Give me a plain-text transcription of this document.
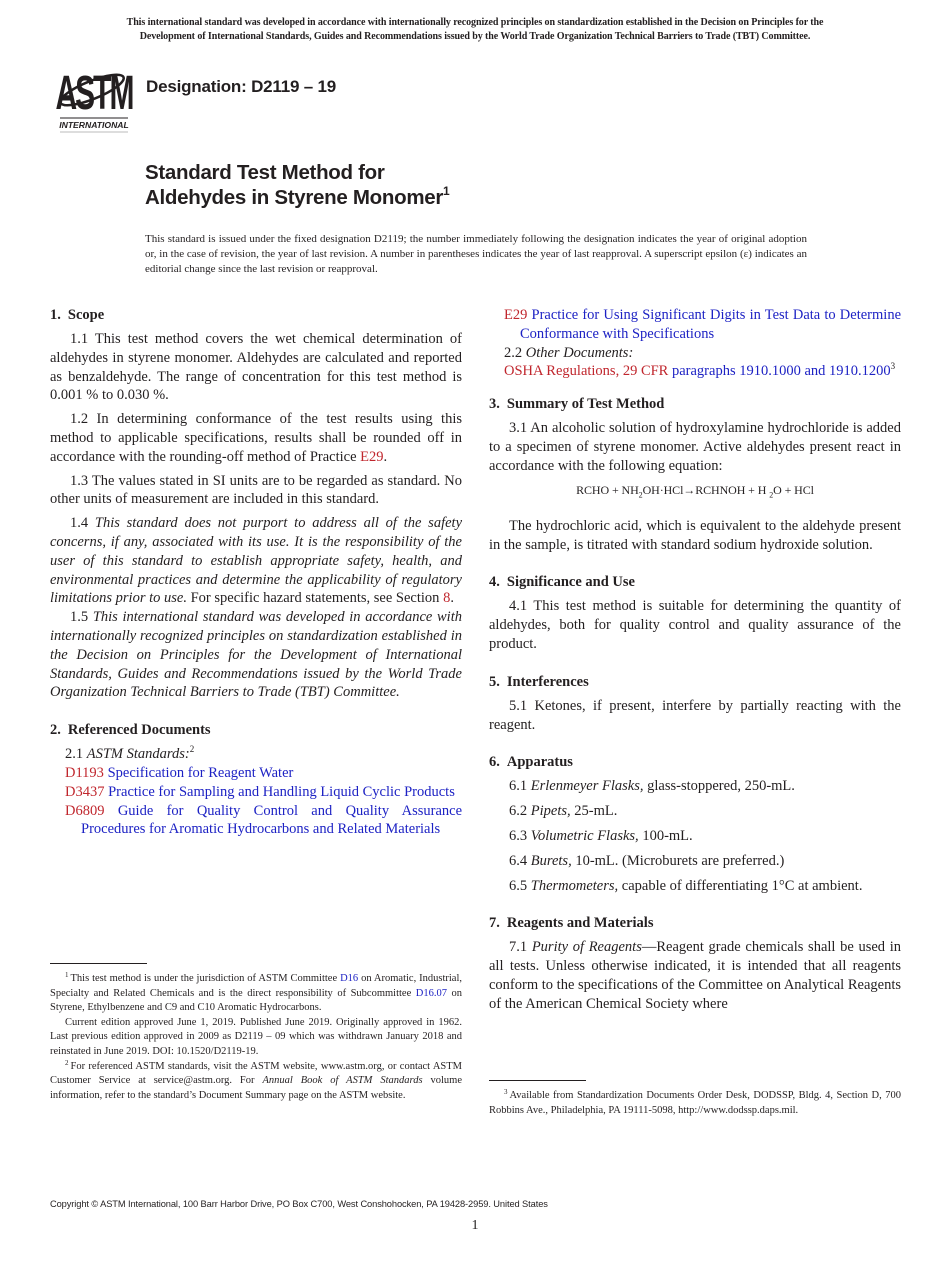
This international standard was developed in accordance with internationally recognized principles on standardization established in the Decision on Principles for the
Development of International Standards, Guides and Recommendations issued by the World Trade Organization Technical Barriers to Trade (TBT) Committee.
ASTM
INTERNATIONAL
Designation: D2119 – 19
Standard Test Method for
Aldehydes in Styrene Monomer$^1$
This standard is issued under the fixed designation D2119; the number immediately following the designation indicates the year of original adoption or, in the case of revision, the year of last revision. A number in parentheses indicates the year of last reapproval. A superscript epsilon (ε) indicates an editorial change since the last revision or reapproval.
1. Scope

1.1 This test method covers the wet chemical determination of aldehydes in styrene monomer. Aldehydes are calculated and reported as benzaldehyde. The range of concentration for this test method is 0.001 % to 0.030 %.

1.2 In determining conformance of the test results using this method to applicable specifications, results shall be rounded off in accordance with the rounding-off method of Practice E29.

1.3 The values stated in SI units are to be regarded as standard. No other units of measurement are included in this standard.

1.4 This standard does not purport to address all of the safety concerns, if any, associated with its use. It is the responsibility of the user of this standard to establish appropriate safety, health, and environmental practices and determine the applicability of regulatory limitations prior to use. For specific hazard statements, see Section 8.

1.5 This international standard was developed in accordance with internationally recognized principles on standardization established in the Decision on Principles for the Development of International Standards, Guides and Recommendations issued by the World Trade Organization Technical Barriers to Trade (TBT) Committee.

2. Referenced Documents
2.1 ASTM Standards:$^2$
D1193 Specification for Reagent Water
D3437 Practice for Sampling and Handling Liquid Cyclic Products
D6809 Guide for Quality Control and Quality Assurance Procedures for Aromatic Hydrocarbons and Related Materials

$^1$ This test method is under the jurisdiction of ASTM Committee D16 on Aromatic, Industrial, Specialty and Related Chemicals and is the direct responsibility of Subcommittee D16.07 on Styrene, Ethylbenzene and C9 and C10 Aromatic Hydrocarbons.

Current edition approved June 1, 2019. Published June 2019. Originally approved in 1962. Last previous edition approved in 2009 as D2119 – 09 which was withdrawn January 2018 and reinstated in June 2019. DOI: 10.1520/D2119-19.

$^2$ For referenced ASTM standards, visit the ASTM website, www.astm.org, or contact ASTM Customer Service at service@astm.org. For Annual Book of ASTM Standards volume information, refer to the standard’s Document Summary page on the ASTM website.

E29 Practice for Using Significant Digits in Test Data to Determine Conformance with Specifications
2.2 Other Documents:
OSHA Regulations, 29 CFR paragraphs 1910.1000 and 1910.1200$^3$
3. Summary of Test Method

3.1 An alcoholic solution of hydroxylamine hydrochloride is added to a specimen of styrene monomer. Active aldehydes present react in accordance with the following equation:

RCHO + $NH_2OH\cdot HCl\to RCHNOH + H$ $_2$O + HCl

The hydrochloric acid, which is equivalent to the aldehyde present in the sample, is titrated with standard sodium hydroxide solution.

4. Significance and Use

4.1 This test method is suitable for determining the quantity of aldehydes, both for quality control and quality assurance of the product.

5. Interferences

5.1 Ketones, if present, interfere by partially reacting with the reagent.

6. Apparatus

6.1 Erlenmeyer Flasks, glass-stoppered, 250-mL.

6.2 Pipets, 25-mL.

6.3 Volumetric Flasks, 100-mL.

6.4 Burets, 10-mL. (Microburets are preferred.)

6.5 Thermometers, capable of differentiating 1°C at ambient.

7. Reagents and Materials

7.1 Purity of Reagents—Reagent grade chemicals shall be used in all tests. Unless otherwise indicated, it is intended that all reagents conform to the specifications of the Committee on Analytical Reagents of the American Chemical Society where

$^3$ Available from Standardization Documents Order Desk, DODSSP, Bldg. 4, Section D, 700 Robbins Ave., Philadelphia, PA 19111-5098, http://www.dodssp.daps.mil.

Copyright © ASTM International, 100 Barr Harbor Drive, PO Box C700, West Conshohocken, PA 19428-2959. United States
1
